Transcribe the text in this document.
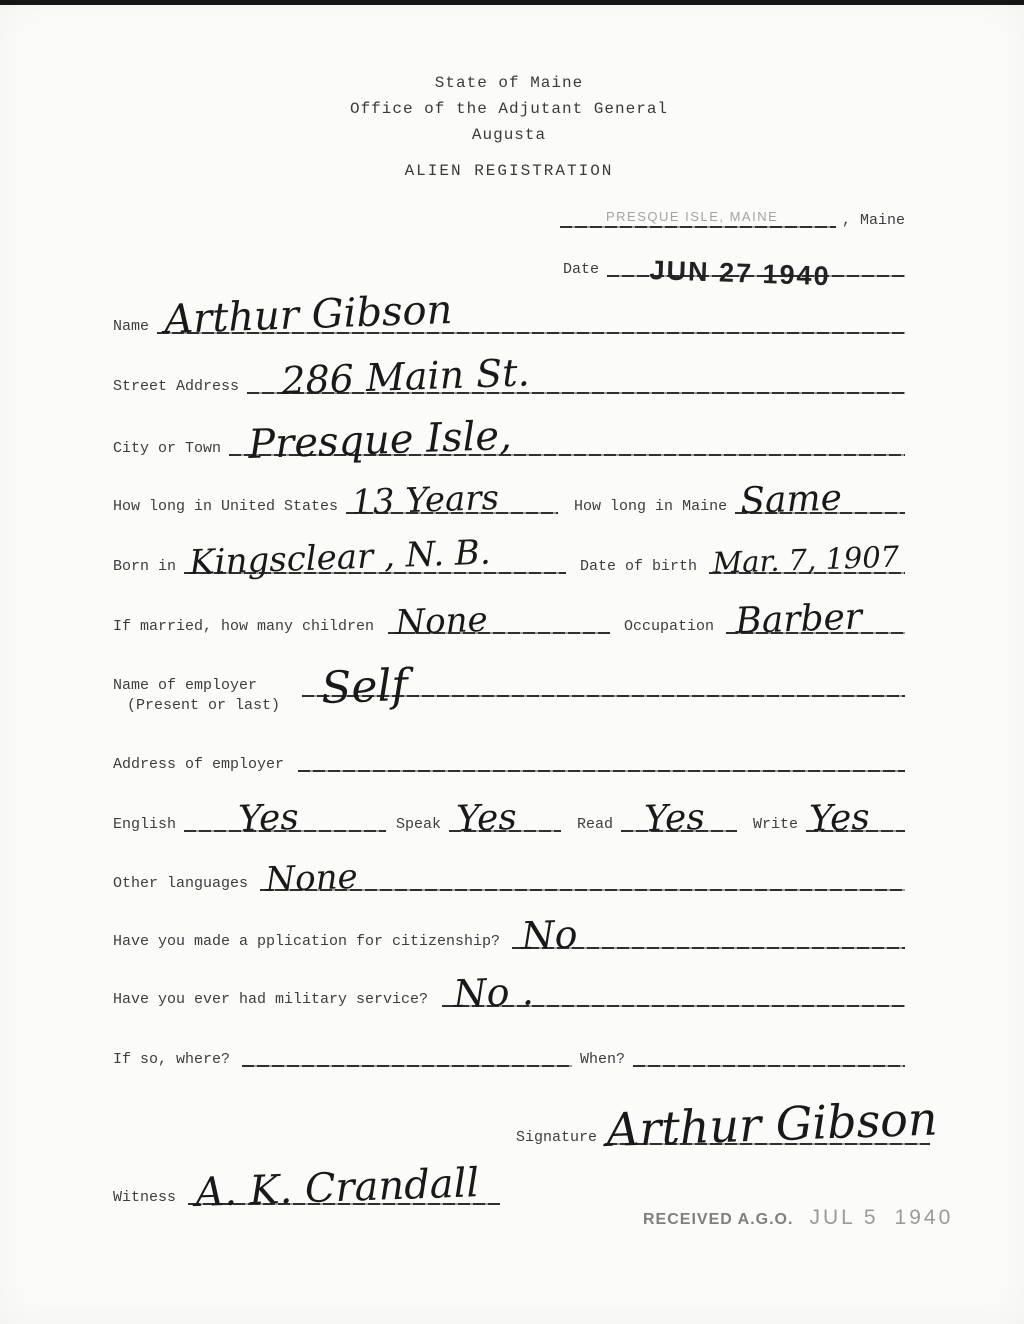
State of Maine
Office of the Adjutant General
Augusta
ALIEN REGISTRATION
PRESQUE ISLE, MAINE	, Maine
Date JUN 27 1940
Name Arthur Gibson
Street Address 286 Main St.
City or Town Presque Isle,
How long in United States 13 Years	How long in Maine Same
Born in Kingsclear , N. B.	Date of birth Mar. 7, 1907
If married, how many children None	Occupation Barber
Name of employer
(Present or last) Self
Address of employer
English Yes	Speak Yes	Read Yes	Write Yes
Other languages None
Have you made a pplication for citizenship? No
Have you ever had military service? No .
If so, where?	When?
Signature Arthur Gibson
Witness A. K. Crandall
RECEIVED A.G.O. JUL 5 1940
